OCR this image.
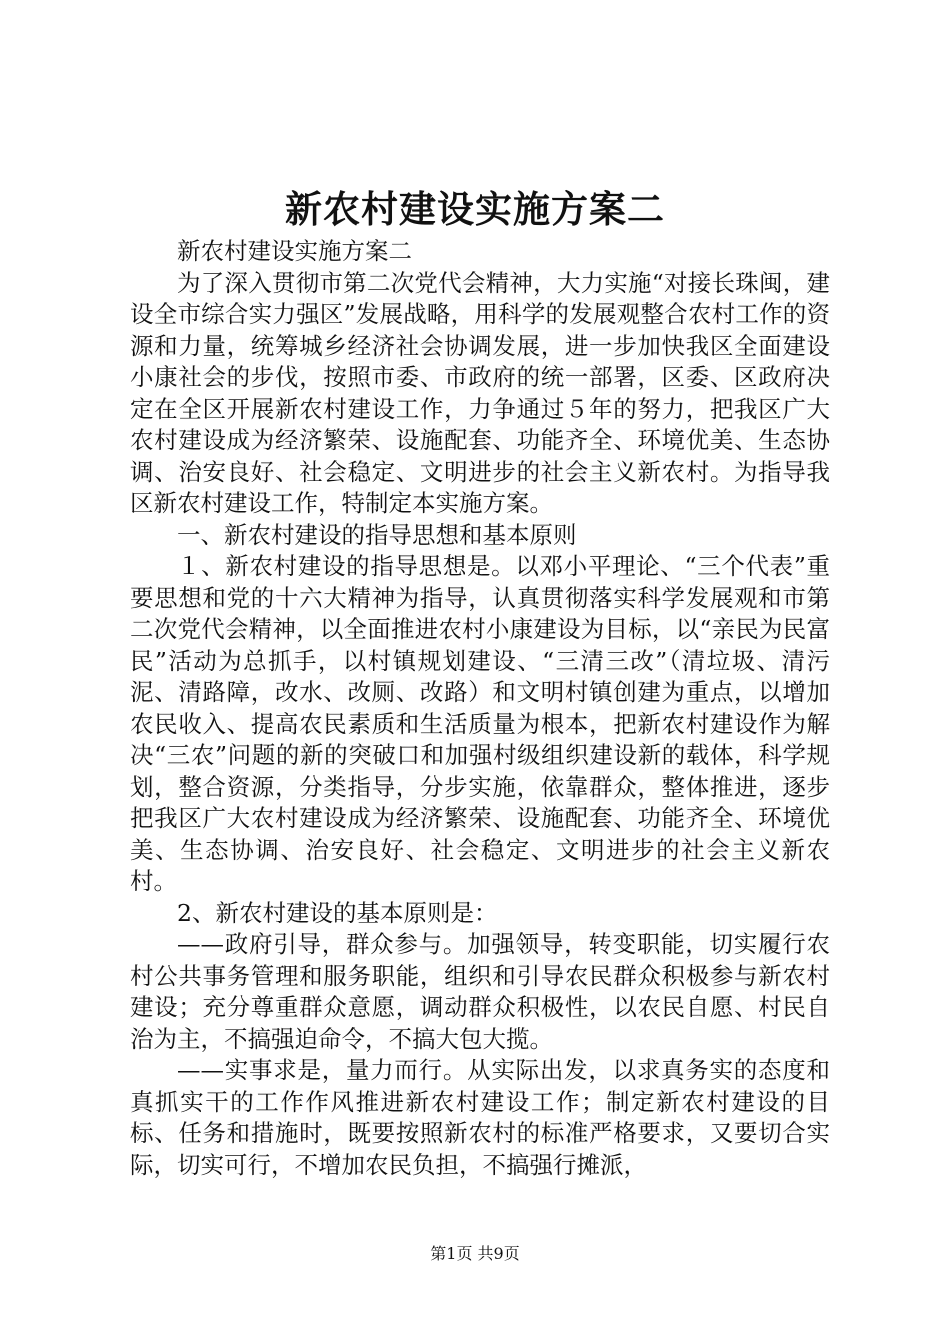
新农村建设实施方案二

新农村建设实施方案二

为了深入贯彻市第二次党代会精神，大力实施“对接长珠闽，建设全市综合实力强区”发展战略，用科学的发展观整合农村工作的资源和力量，统筹城乡经济社会协调发展，进一步加快我区全面建设小康社会的步伐，按照市委、市政府的统一部署，区委、区政府决定在全区开展新农村建设工作，力争通过５年的努力，把我区广大农村建设成为经济繁荣、设施配套、功能齐全、环境优美、生态协调、治安良好、社会稳定、文明进步的社会主义新农村。为指导我区新农村建设工作，特制定本实施方案。

一、新农村建设的指导思想和基本原则

１、新农村建设的指导思想是。以邓小平理论、“三个代表”重要思想和党的十六大精神为指导，认真贯彻落实科学发展观和市第二次党代会精神，以全面推进农村小康建设为目标，以“亲民为民富民”活动为总抓手，以村镇规划建设、“三清三改”（清垃圾、清污泥、清路障，改水、改厕、改路）和文明村镇创建为重点，以增加农民收入、提高农民素质和生活质量为根本，把新农村建设作为解决“三农”问题的新的突破口和加强村级组织建设新的载体，科学规划，整合资源，分类指导，分步实施，依靠群众，整体推进，逐步把我区广大农村建设成为经济繁荣、设施配套、功能齐全、环境优美、生态协调、治安良好、社会稳定、文明进步的社会主义新农村。

2、新农村建设的基本原则是：

——政府引导，群众参与。加强领导，转变职能，切实履行农村公共事务管理和服务职能，组织和引导农民群众积极参与新农村建设；充分尊重群众意愿，调动群众积极性，以农民自愿、村民自治为主，不搞强迫命令，不搞大包大揽。

——实事求是，量力而行。从实际出发，以求真务实的态度和真抓实干的工作作风推进新农村建设工作；制定新农村建设的目标、任务和措施时，既要按照新农村的标准严格要求，又要切合实际，切实可行，不增加农民负担，不搞强行摊派，

第1页 共9页
